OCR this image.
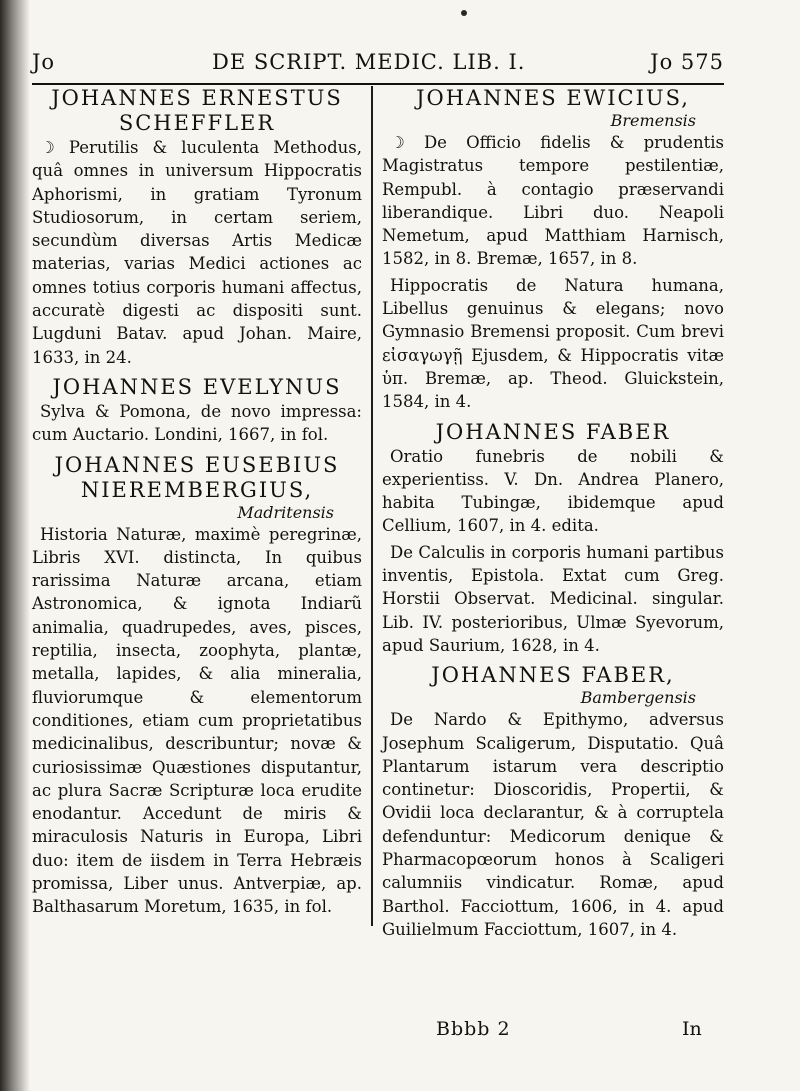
Jo	DE SCRIPT. MEDIC. LIB. I.	Jo 575
JOHANNES ERNESTUS SCHEFFLER

☽ Perutilis & luculenta Methodus, quâ omnes in universum Hippocratis Aphorismi, in gratiam Tyronum Studiosorum, in certam seriem, secundùm diversas Artis Medicæ materias, varias Medici actiones ac omnes totius corporis humani affectus, accuratè digesti ac dispositi sunt. Lugduni Batav. apud Johan. Maire, 1633, in 24.

JOHANNES EVELYNUS

Sylva & Pomona, de novo impressa: cum Auctario. Londini, 1667, in fol.

JOHANNES EUSEBIUS NIEREMBERGIUS,
Madritensis

Historia Naturæ, maximè peregrinæ, Libris XVI. distincta, In quibus rarissima Naturæ arcana, etiam Astronomica, & ignota Indiarũ animalia, quadrupedes, aves, pisces, reptilia, insecta, zoophyta, plantæ, metalla, lapides, & alia mineralia, fluviorumque & elementorum conditiones, etiam cum proprietatibus medicinalibus, describuntur; novæ & curiosissimæ Quæstiones disputantur, ac plura Sacræ Scripturæ loca erudite enodantur. Accedunt de miris & miraculosis Naturis in Europa, Libri duo: item de iisdem in Terra Hebræis promissa, Liber unus. Antverpiæ, ap. Balthasarum Moretum, 1635, in fol.

JOHANNES EWICIUS,
Bremensis

☽ De Officio fidelis & prudentis Magistratus tempore pestilentiæ, Rempubl. à contagio præservandi liberandique. Libri duo. Neapoli Nemetum, apud Matthiam Harnisch, 1582, in 8. Bremæ, 1657, in 8.

Hippocratis de Natura humana, Libellus genuinus & elegans; novo Gymnasio Bremensi proposit. Cum brevi εἰσαγωγῇ Ejusdem, & Hippocratis vitæ ὑπ. Bremæ, ap. Theod. Gluickstein, 1584, in 4.

JOHANNES FABER

Oratio funebris de nobili & experientiss. V. Dn. Andrea Planero, habita Tubingæ, ibidemque apud Cellium, 1607, in 4. edita.

De Calculis in corporis humani partibus inventis, Epistola. Extat cum Greg. Horstii Observat. Medicinal. singular. Lib. IV. posterioribus, Ulmæ Syevorum, apud Saurium, 1628, in 4.

JOHANNES FABER,
Bambergensis

De Nardo & Epithymo, adversus Josephum Scaligerum, Disputatio. Quâ Plantarum istarum vera descriptio continetur: Dioscoridis, Propertii, & Ovidii loca declarantur, & à corruptela defenduntur: Medicorum denique & Pharmacopœorum honos à Scaligeri calumniis vindicatur. Romæ, apud Barthol. Facciottum, 1606, in 4. apud Guilielmum Facciottum, 1607, in 4.

Bbbb 2	In
